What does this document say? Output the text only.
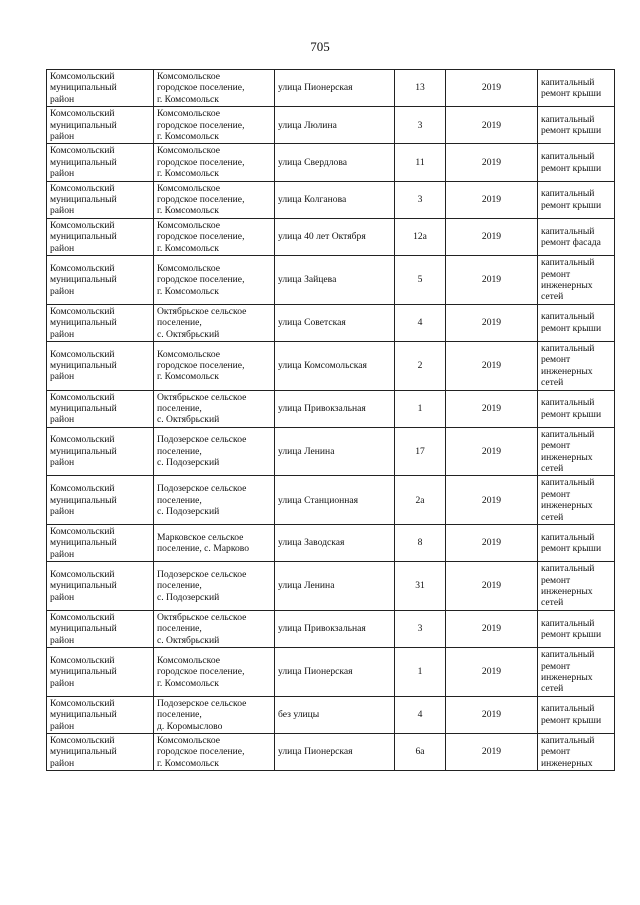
705
Комсомольский
муниципальный
район	Комсомольское
городское поселение,
г. Комсомольск	улица Пионерская	13	2019	капитальный
ремонт крыши

Комсомольский
муниципальный
район	Комсомольское
городское поселение,
г. Комсомольск	улица Люлина	3	2019	капитальный
ремонт крыши

Комсомольский
муниципальный
район	Комсомольское
городское поселение,
г. Комсомольск	улица Свердлова	11	2019	капитальный
ремонт крыши

Комсомольский
муниципальный
район	Комсомольское
городское поселение,
г. Комсомольск	улица Колганова	3	2019	капитальный
ремонт крыши

Комсомольский
муниципальный
район	Комсомольское
городское поселение,
г. Комсомольск	улица 40 лет Октября	12а	2019	капитальный
ремонт фасада

Комсомольский
муниципальный
район	Комсомольское
городское поселение,
г. Комсомольск	улица Зайцева	5	2019	капитальный
ремонт
инженерных
сетей

Комсомольский
муниципальный
район	Октябрьское сельское
поселение,
с. Октябрьский	улица Советская	4	2019	капитальный
ремонт крыши

Комсомольский
муниципальный
район	Комсомольское
городское поселение,
г. Комсомольск	улица Комсомольская	2	2019	капитальный
ремонт
инженерных
сетей

Комсомольский
муниципальный
район	Октябрьское сельское
поселение,
с. Октябрьский	улица Привокзальная	1	2019	капитальный
ремонт крыши

Комсомольский
муниципальный
район	Подозерское сельское
поселение,
с. Подозерский	улица Ленина	17	2019	капитальный
ремонт
инженерных
сетей

Комсомольский
муниципальный
район	Подозерское сельское
поселение,
с. Подозерский	улица Станционная	2а	2019	капитальный
ремонт
инженерных
сетей

Комсомольский
муниципальный
район	Марковское сельское
поселение, с. Марково	улица Заводская	8	2019	капитальный
ремонт крыши

Комсомольский
муниципальный
район	Подозерское сельское
поселение,
с. Подозерский	улица Ленина	31	2019	капитальный
ремонт
инженерных
сетей

Комсомольский
муниципальный
район	Октябрьское сельское
поселение,
с. Октябрьский	улица Привокзальная	3	2019	капитальный
ремонт крыши

Комсомольский
муниципальный
район	Комсомольское
городское поселение,
г. Комсомольск	улица Пионерская	1	2019	капитальный
ремонт
инженерных
сетей

Комсомольский
муниципальный
район	Подозерское сельское
поселение,
д. Коромыслово	без улицы	4	2019	капитальный
ремонт крыши

Комсомольский
муниципальный
район	Комсомольское
городское поселение,
г. Комсомольск	улица Пионерская	6а	2019	капитальный
ремонт
инженерных
